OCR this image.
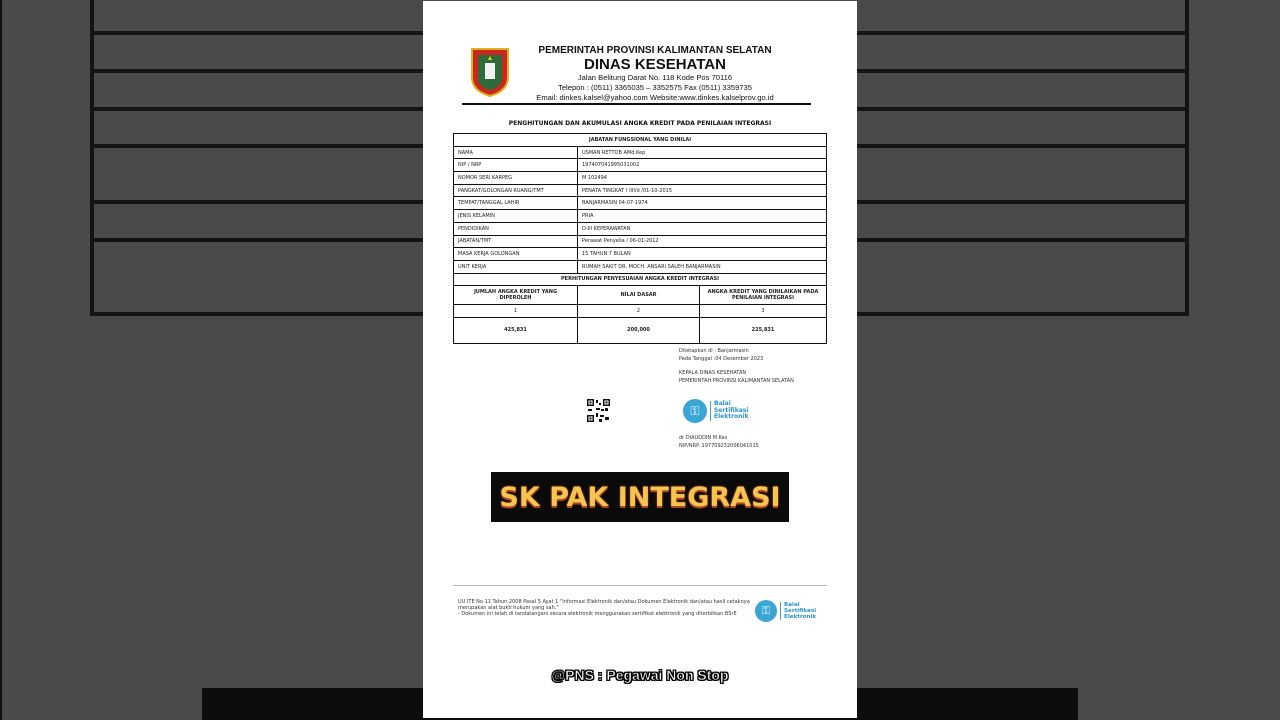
PEMERINTAH PROVINSI KALIMANTAN SELATAN
DINAS KESEHATAN
Jalan Belitung Darat No. 118 Kode Pos 70116
Telepon : (0511) 3365035 – 3352575 Fax (0511) 3359735
Email: dinkes.kalsel@yahoo.com Website:www.dinkes.kalselprov.go.id
PENGHITUNGAN DAN AKUMULASI ANGKA KREDIT PADA PENILAIAN INTEGRASI
JABATAN FUNGSIONAL YANG DINILAI		
NAMA	USMAN RETTOB AMd.Kep	
NIP / NRP	197407041995031002	
NOMOR SERI KARPEG	M 102494	
PANGKAT/GOLONGAN RUANG/TMT	PENATA TINGKAT I /III/d /01-10-2015	
TEMPAT/TANGGAL LAHIR	BANJARMASIN 04-07-1974	
JENIS KELAMIN	PRIA	
PENDIDIKAN	D-III KEPERAWATAN	
JABATAN/TMT	Perawat Penyelia / 06-01-2012	
MASA KERJA GOLONGAN	15 TAHUN 7 BULAN	
UNIT KERJA	RUMAH SAKIT DR. MOCH. ANSARI SALEH BANJARMASIN	
PERHITUNGAN PENYESUAIAN ANGKA KREDIT INTEGRASI		
JUMLAH ANGKA KREDIT YANG DIPEROLEH	NILAI DASAR	ANGKA KREDIT YANG DINILAIKAN PADA PENILAIAN INTEGRASI
1	2	3
425,831	200,000	225,831
Ditetapkan di : Banjarmasin
Pada Tanggal :04 Desember 2023
KEPALA DINAS KESEHATAN
PEMERINTAH PROVINSI KALIMANTAN SELATAN
dr DIAUDDIN M.Kes
NIP/NRP. 197709232006041015
⚿	Balai
Sertifikasi
Elektronik
SK PAK INTEGRASI
UU ITE No 11 Tahun 2008 Pasal 5 Ayat 1 "Informasi Elektronik dan/atau Dokumen Elektronik dan/atau hasil cetaknya merupakan alat bukti hukum yang sah."
- Dokumen ini telah di tandatangani secara elektronik menggunakan sertifikat elektronik yang diterbitkan BSrE	⚿	Balai
Sertifikasi
Elektronik
@PNS : Pegawai Non Stop
